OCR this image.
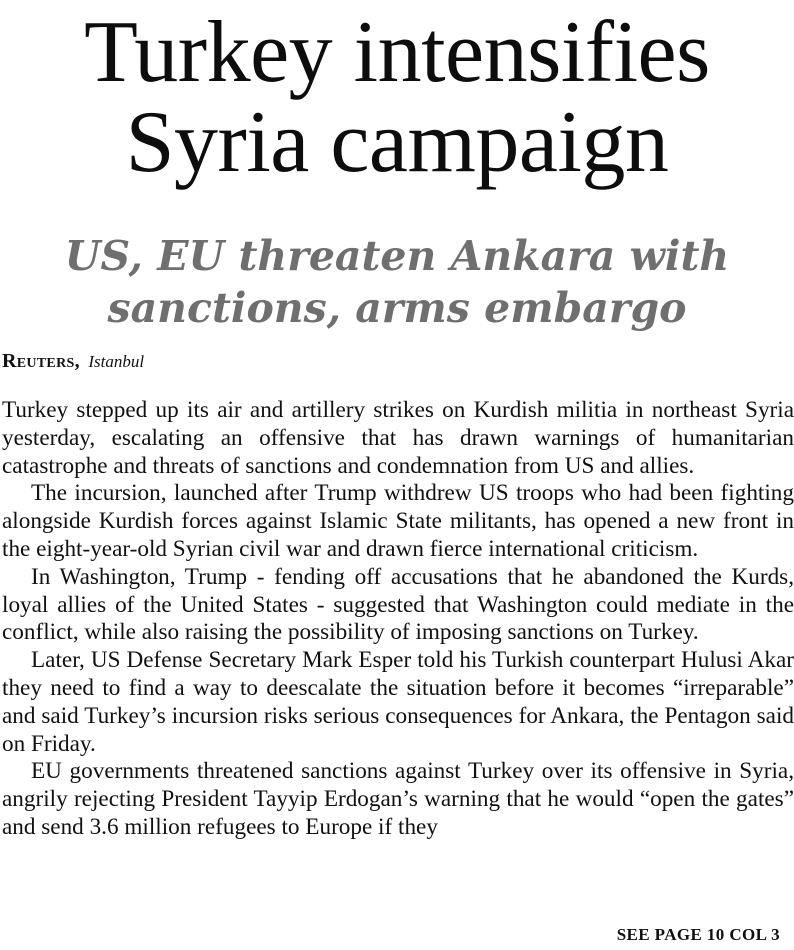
Turkey intensifies
Syria campaign
US, EU threaten Ankara with
sanctions, arms embargo
Reuters, Istanbul

Turkey stepped up its air and artillery strikes on Kurdish militia in northeast Syria yesterday, escalating an offensive that has drawn warnings of humanitarian catastrophe and threats of sanctions and condemnation from US and allies.

The incursion, launched after Trump withdrew US troops who had been fighting alongside Kurdish forces against Islamic State militants, has opened a new front in the eight-year-old Syrian civil war and drawn fierce international criticism.

In Washington, Trump - fending off accusations that he abandoned the Kurds, loyal allies of the United States - suggested that Washington could mediate in the conflict, while also raising the possibility of imposing sanctions on Turkey.

Later, US Defense Secretary Mark Esper told his Turkish counterpart Hulusi Akar they need to find a way to deescalate the situation before it becomes “irreparable” and said Turkey’s incursion risks serious consequences for Ankara, the Pentagon said on Friday.

EU governments threatened sanctions against Turkey over its offensive in Syria, angrily rejecting President Tayyip Erdogan’s warning that he would “open the gates” and send 3.6 million refugees to Europe if they

SEE PAGE 10 COL 3
